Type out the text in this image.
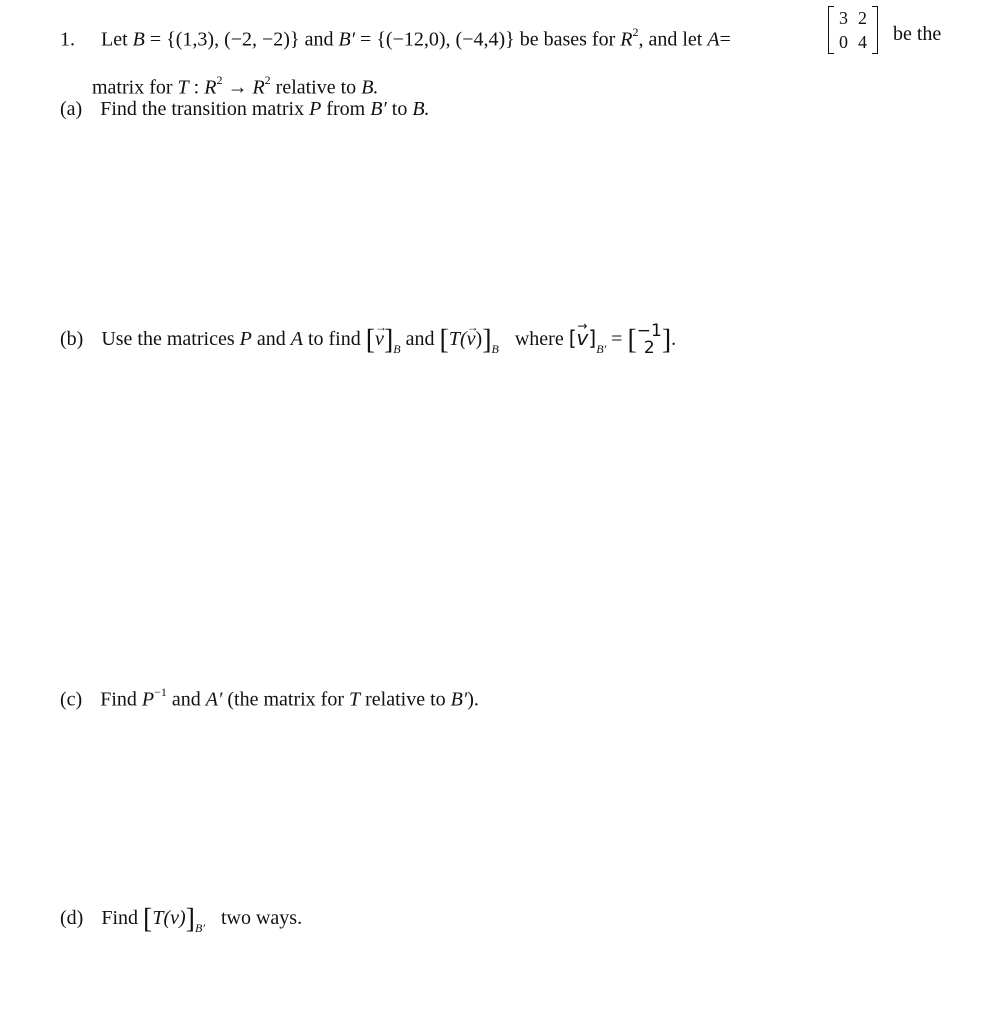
1. Let B = {(1,3), (−2, −2)} and B′ = {(−12,0), (−4,4)} be bases for $R^2$, and let A=
3	2
0	4 be the
matrix for T : $R^2 \to R^2$ relative to B.
(a) Find the transition matrix P from B′ to B.
(b) Use the matrices P and A to find [→ $v]_B$ and $[T(\to v)]_B$ where [→ $v]_{B'} = [-1$
2 ].
(c) Find $P^{-1}$ and A′ (the matrix for T relative to B′).
(d) Find $[T(v)]_{B'}$ two ways.
